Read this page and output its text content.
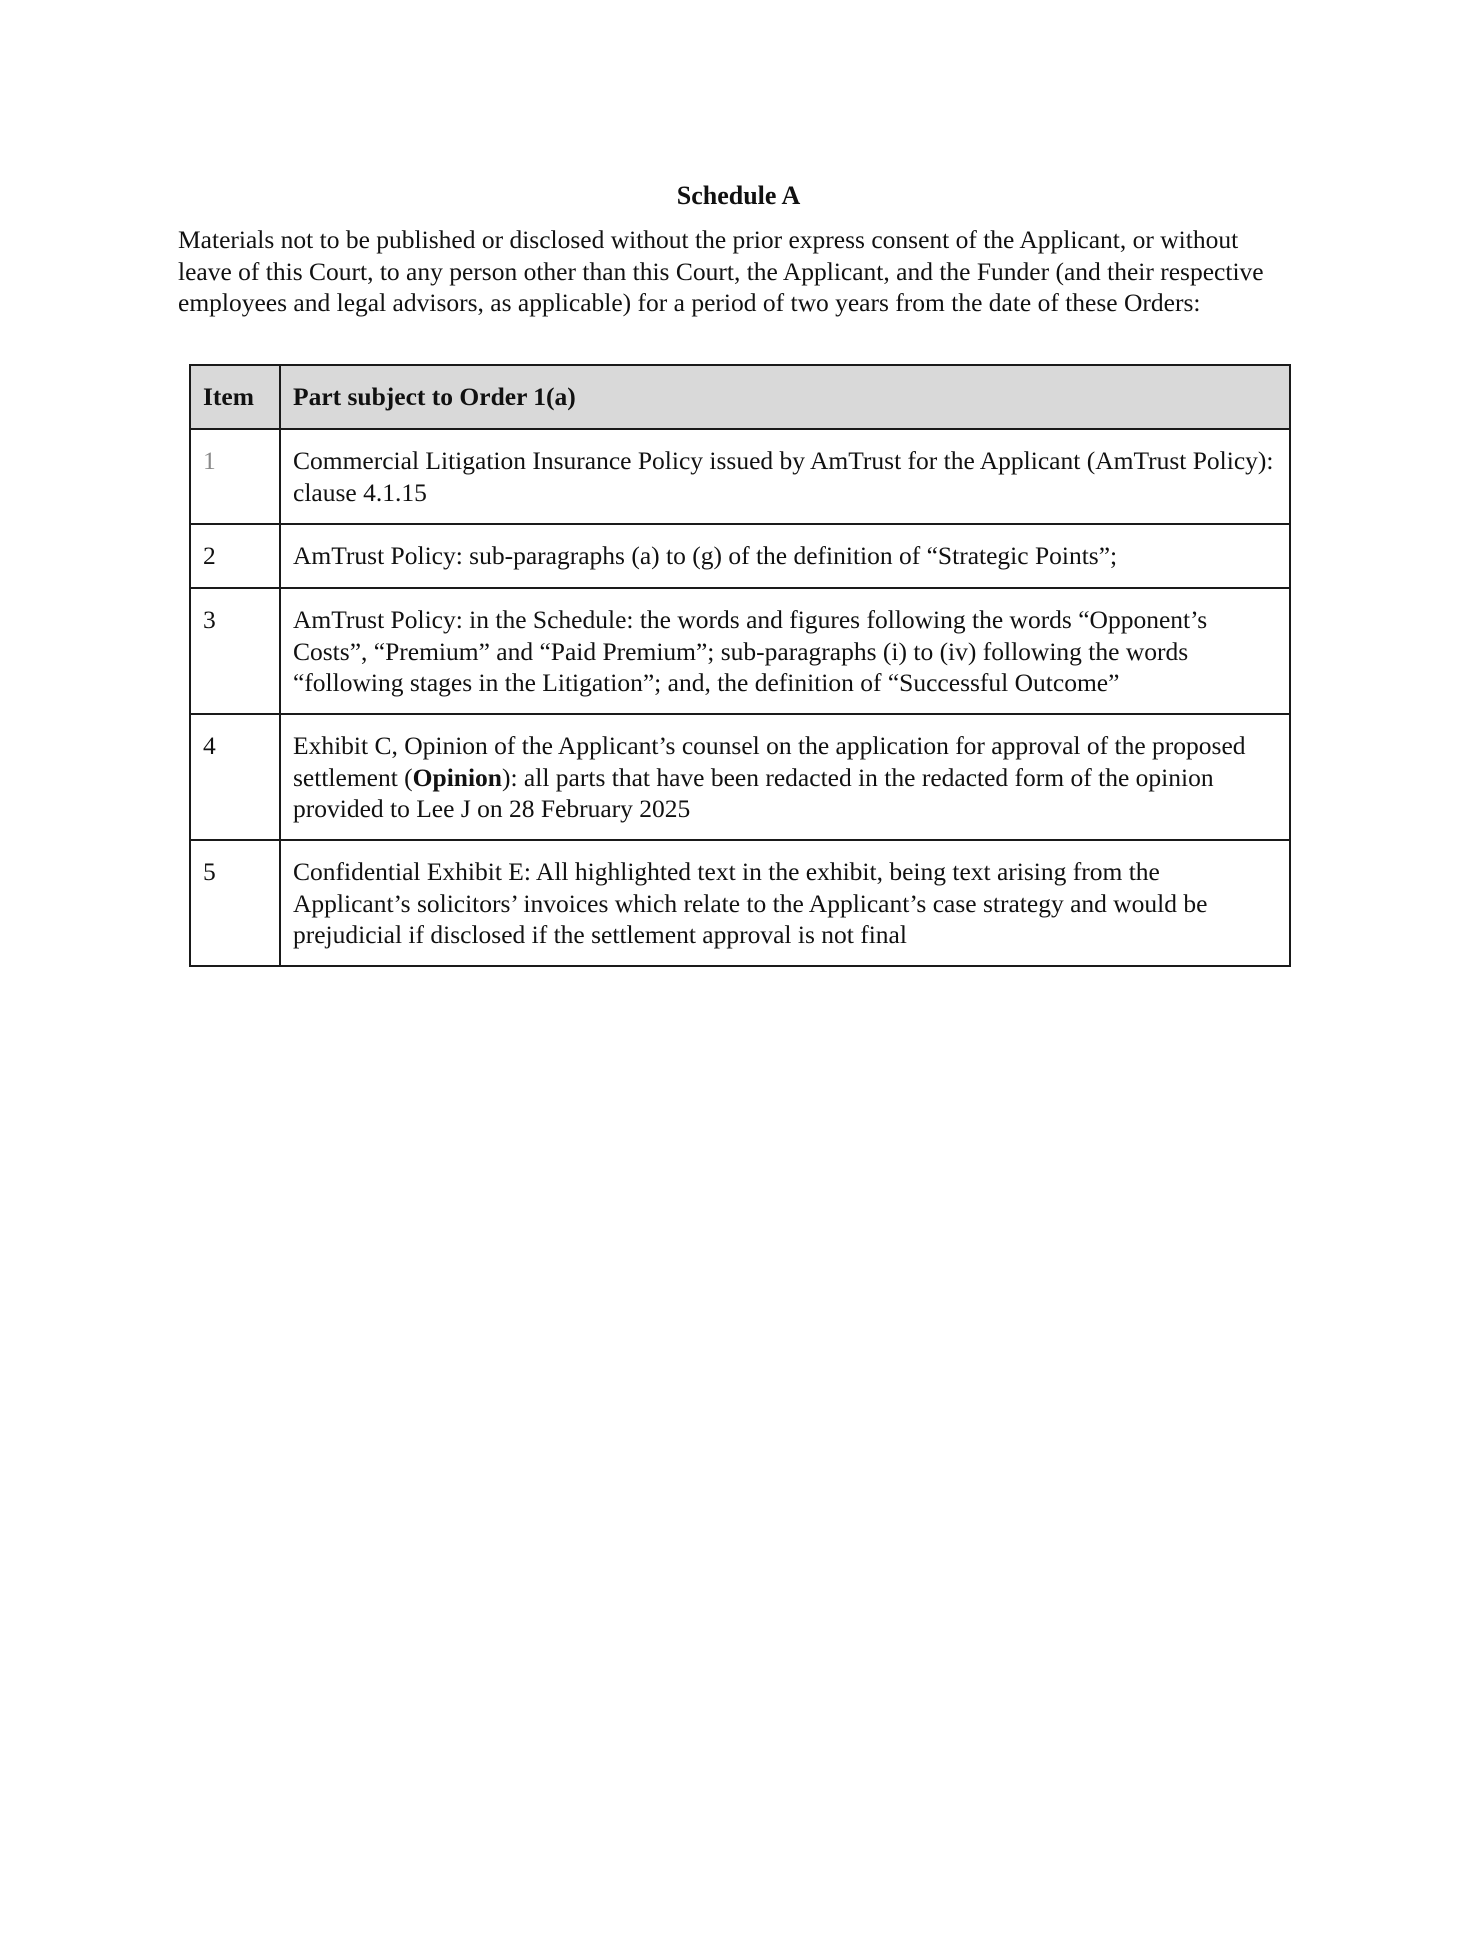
Schedule A
Materials not to be published or disclosed without the prior express consent of the Applicant, or without leave of this Court, to any person other than this Court, the Applicant, and the Funder (and their respective employees and legal advisors, as applicable) for a period of two years from the date of these Orders:
Item	Part subject to Order 1(a)
1	Commercial Litigation Insurance Policy issued by AmTrust for the Applicant (AmTrust Policy): clause 4.1.15
2	AmTrust Policy: sub-paragraphs (a) to (g) of the definition of “Strategic Points”;
3	AmTrust Policy: in the Schedule: the words and figures following the words “Opponent’s Costs”, “Premium” and “Paid Premium”; sub-paragraphs (i) to (iv) following the words “following stages in the Litigation”; and, the definition of “Successful Outcome”
4	Exhibit C, Opinion of the Applicant’s counsel on the application for approval of the proposed settlement (Opinion): all parts that have been redacted in the redacted form of the opinion provided to Lee J on 28 February 2025
5	Confidential Exhibit E: All highlighted text in the exhibit, being text arising from the Applicant’s solicitors’ invoices which relate to the Applicant’s case strategy and would be prejudicial if disclosed if the settlement approval is not final
